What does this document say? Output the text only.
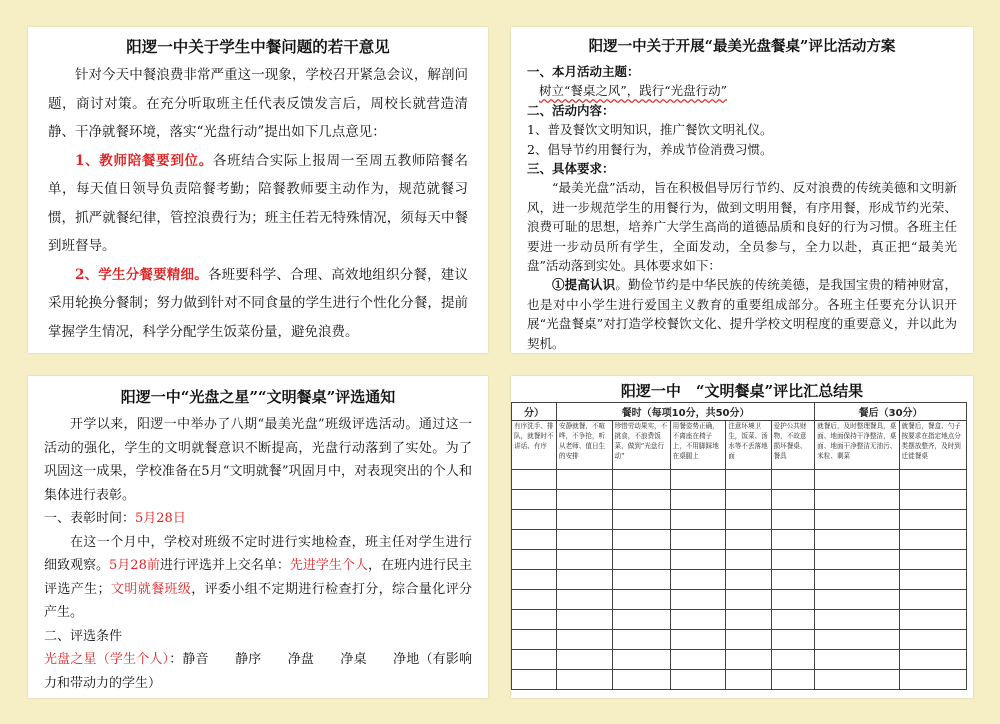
阳逻一中关于学生中餐问题的若干意见

针对今天中餐浪费非常严重这一现象，学校召开紧急会议，解剖问题，商讨对策。在充分听取班主任代表反馈发言后，周校长就营造清静、干净就餐环境，落实“光盘行动”提出如下几点意见：

1、教师陪餐要到位。各班结合实际上报周一至周五教师陪餐名单，每天值日领导负责陪餐考勤；陪餐教师要主动作为，规范就餐习惯，抓严就餐纪律，管控浪费行为；班主任若无特殊情况，须每天中餐到班督导。

2、学生分餐要精细。各班要科学、合理、高效地组织分餐，建议采用轮换分餐制；努力做到针对不同食量的学生进行个性化分餐，提前掌握学生情况，科学分配学生饭菜份量，避免浪费。

阳逻一中关于开展“最美光盘餐桌”评比活动方案

一、本月活动主题：

树立“餐桌之风”，践行“光盘行动”

二、活动内容：

1、普及餐饮文明知识，推广餐饮文明礼仪。

2、倡导节约用餐行为，养成节俭消费习惯。

三、具体要求：

“最美光盘”活动，旨在积极倡导厉行节约、反对浪费的传统美德和文明新风，进一步规范学生的用餐行为，做到文明用餐，有序用餐，形成节约光荣、浪费可耻的思想，培养广大学生高尚的道德品质和良好的行为习惯。各班主任要进一步动员所有学生，全面发动，全员参与，全力以赴，真正把“最美光盘”活动落到实处。具体要求如下：

①提高认识。勤俭节约是中华民族的传统美德，是我国宝贵的精神财富，也是对中小学生进行爱国主义教育的重要组成部分。各班主任要充分认识开展“光盘餐桌”对打造学校餐饮文化、提升学校文明程度的重要意义，并以此为契机。

阳逻一中“光盘之星”“文明餐桌”评选通知

开学以来，阳逻一中举办了八期“最美光盘”班级评选活动。通过这一活动的强化，学生的文明就餐意识不断提高，光盘行动落到了实处。为了巩固这一成果，学校准备在5月“文明就餐”巩固月中，对表现突出的个人和集体进行表彰。

一、表彰时间：5月28日

在这一个月中，学校对班级不定时进行实地检查，班主任对学生进行细致观察。5月28前进行评选并上交名单：先进学生个人，在班内进行民主评选产生；文明就餐班级，评委小组不定期进行检查打分，综合量化评分产生。

二、评选条件

光盘之星（学生个人）：静音　　静序　　净盘　　净桌　　净地（有影响力和带动力的学生）

阳逻一中　“文明餐桌”评比汇总结果
分）	餐时（每项10分，共50分）					餐后（30分）	
有序洗手、排队，就餐时不讲话、有序	安静就餐，不喧哗，不争抢，听从老师、值日生的安排	珍惜劳动果实，不挑食，不浪费饭菜，做到“光盘行动”	用餐姿势正确，不离座在椅子上，不用脚踩地在桌腿上	注意环境卫生，饭菜、汤水等不丢落地面	爱护公共财物，不故意损坏餐桌、餐具	就餐后，及时整理餐具，桌面、地面保持干净整洁，桌面、地面干净整洁无油污、米粒、剩菜	就餐后，餐盒、勺子按要求在指定地点分类摆放整齐，及时到迁徙餐桌
